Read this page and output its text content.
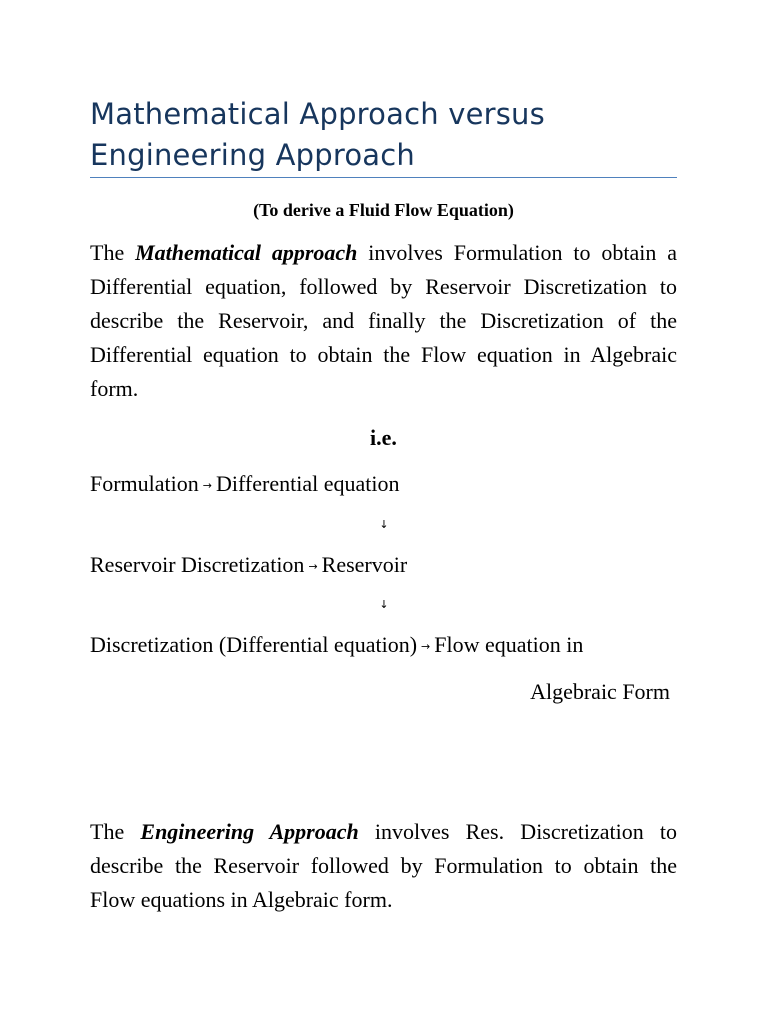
Mathematical Approach versus Engineering Approach
(To derive a Fluid Flow Equation)

The Mathematical approach involves Formulation to obtain a Differential equation, followed by Reservoir Discretization to describe the Reservoir, and finally the Discretization of the Differential equation to obtain the Flow equation in Algebraic form.

i.e.
Formulation → Differential equation
↓
Reservoir Discretization → Reservoir
↓
Discretization (Differential equation) → Flow equation in
Algebraic Form

The Engineering Approach involves Res. Discretization to describe the Reservoir followed by Formulation to obtain the Flow equations in Algebraic form.
